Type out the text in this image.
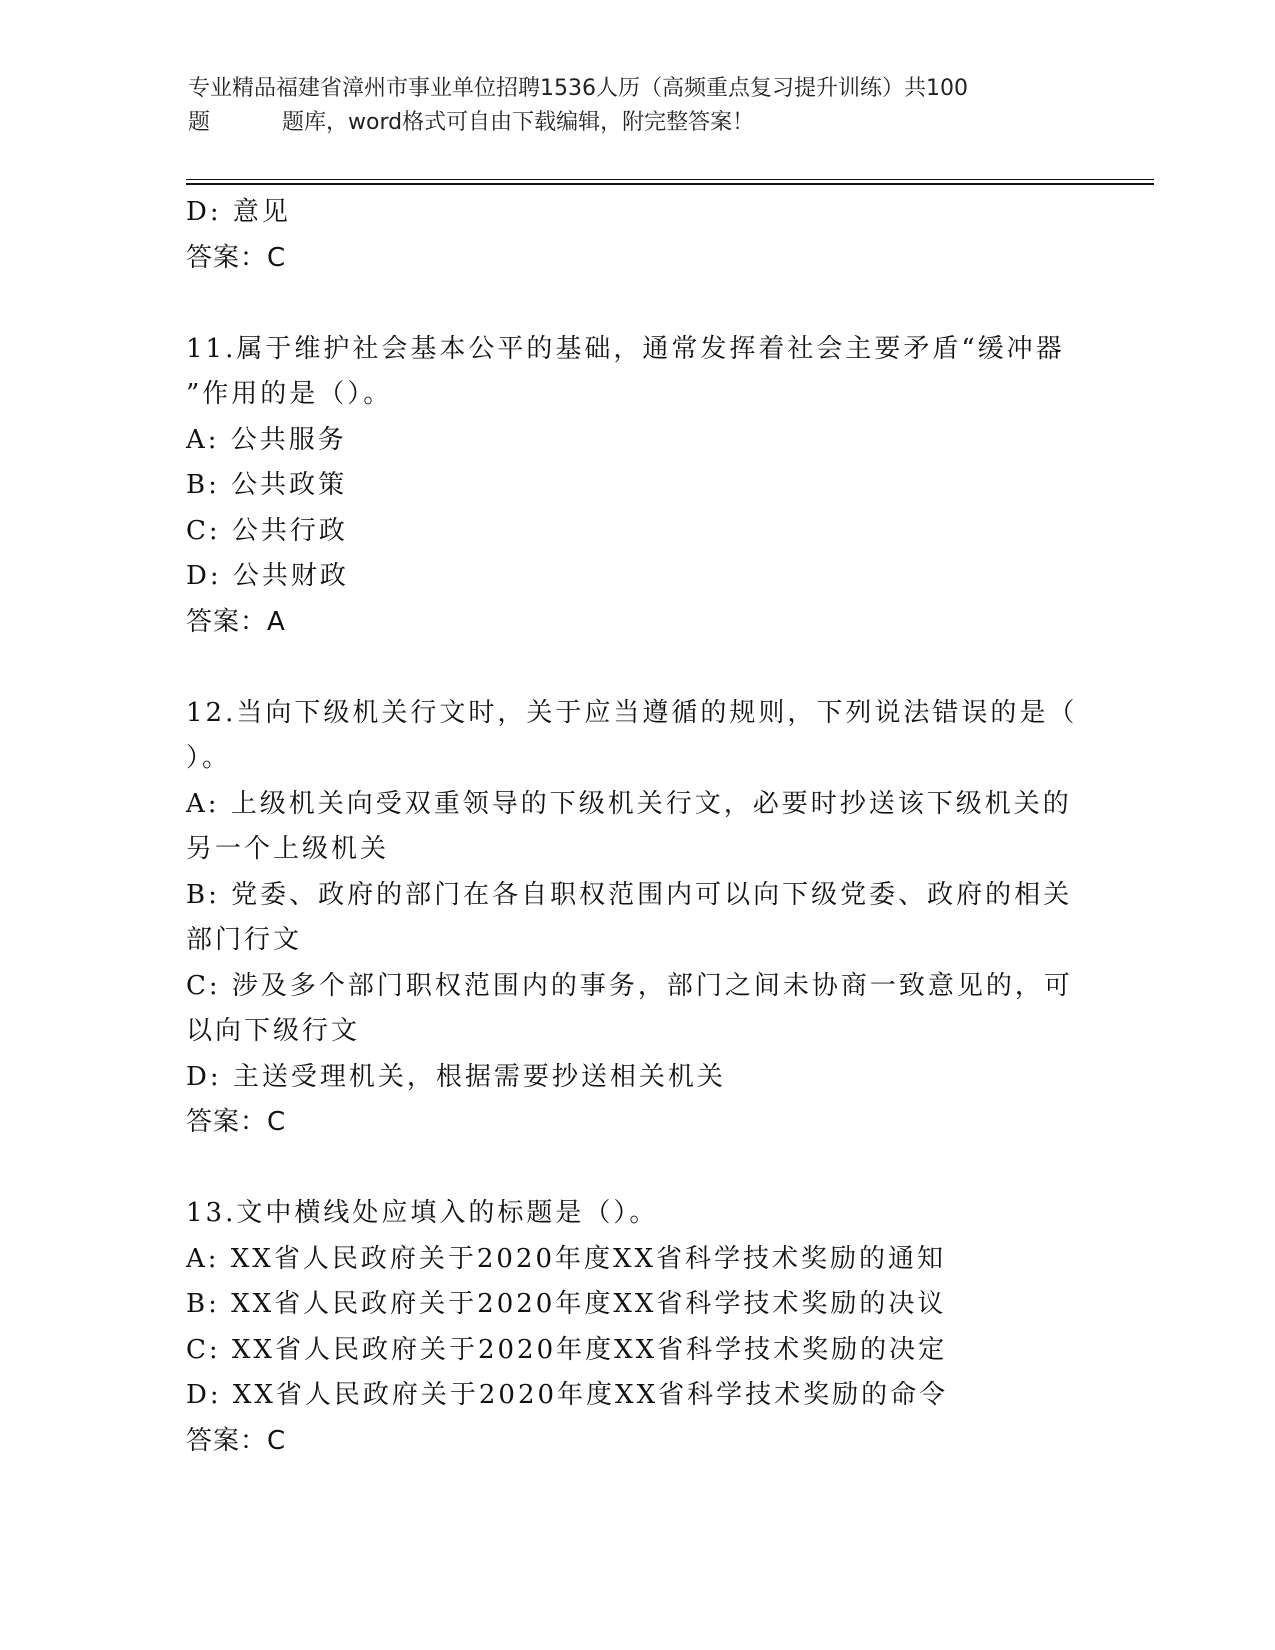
专业精品福建省漳州市事业单位招聘1536人历（高频重点复习提升训练）共100
题	题库，word格式可自由下载编辑，附完整答案！
D: 意见
答案：C
11.属于维护社会基本公平的基础，通常发挥着社会主要矛盾“缓冲器
”作用的是（）。
A: 公共服务
B: 公共政策
C: 公共行政
D: 公共财政
答案：A
12.当向下级机关行文时，关于应当遵循的规则，下列说法错误的是（
）。
A: 上级机关向受双重领导的下级机关行文，必要时抄送该下级机关的
另一个上级机关
B: 党委、政府的部门在各自职权范围内可以向下级党委、政府的相关
部门行文
C: 涉及多个部门职权范围内的事务，部门之间未协商一致意见的，可
以向下级行文
D: 主送受理机关，根据需要抄送相关机关
答案：C
13.文中横线处应填入的标题是（）。
A: XX省人民政府关于2020年度XX省科学技术奖励的通知
B: XX省人民政府关于2020年度XX省科学技术奖励的决议
C: XX省人民政府关于2020年度XX省科学技术奖励的决定
D: XX省人民政府关于2020年度XX省科学技术奖励的命令
答案：C
